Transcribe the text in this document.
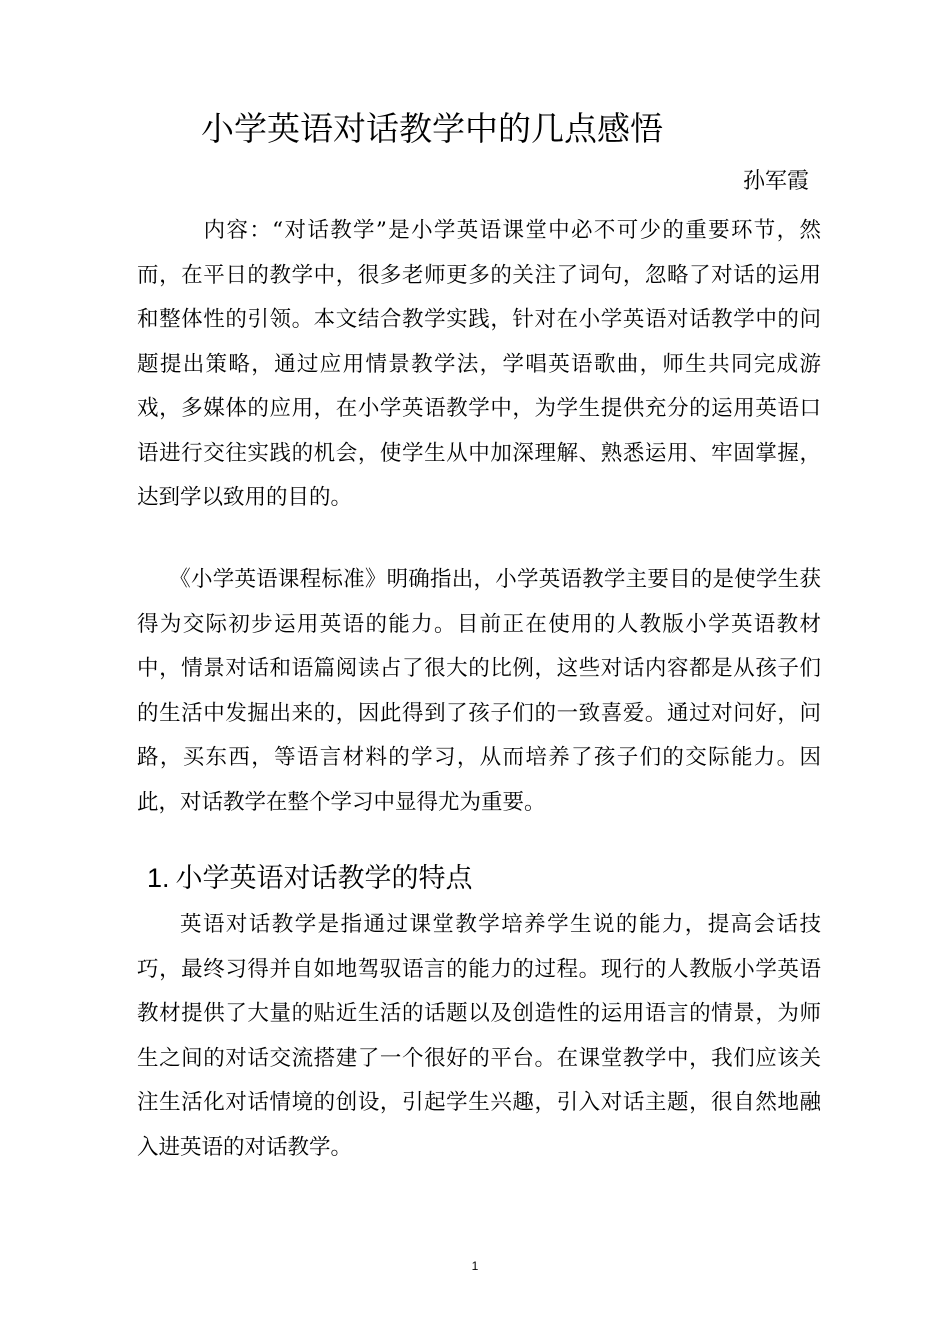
小学英语对话教学中的几点感悟
孙军霞

内容：“对话教学”是小学英语课堂中必不可少的重要环节，然而，在平日的教学中，很多老师更多的关注了词句，忽略了对话的运用和整体性的引领。本文结合教学实践，针对在小学英语对话教学中的问题提出策略，通过应用情景教学法，学唱英语歌曲，师生共同完成游戏，多媒体的应用，在小学英语教学中，为学生提供充分的运用英语口语进行交往实践的机会，使学生从中加深理解、熟悉运用、牢固掌握，达到学以致用的目的。

《小学英语课程标准》明确指出，小学英语教学主要目的是使学生获得为交际初步运用英语的能力。目前正在使用的人教版小学英语教材中，情景对话和语篇阅读占了很大的比例，这些对话内容都是从孩子们的生活中发掘出来的，因此得到了孩子们的一致喜爱。通过对问好，问路，买东西，等语言材料的学习，从而培养了孩子们的交际能力。因此，对话教学在整个学习中显得尤为重要。

1. 小学英语对话教学的特点

英语对话教学是指通过课堂教学培养学生说的能力，提高会话技巧，最终习得并自如地驾驭语言的能力的过程。现行的人教版小学英语教材提供了大量的贴近生活的话题以及创造性的运用语言的情景，为师生之间的对话交流搭建了一个很好的平台。在课堂教学中，我们应该关注生活化对话情境的创设，引起学生兴趣，引入对话主题，很自然地融入进英语的对话教学。

1
